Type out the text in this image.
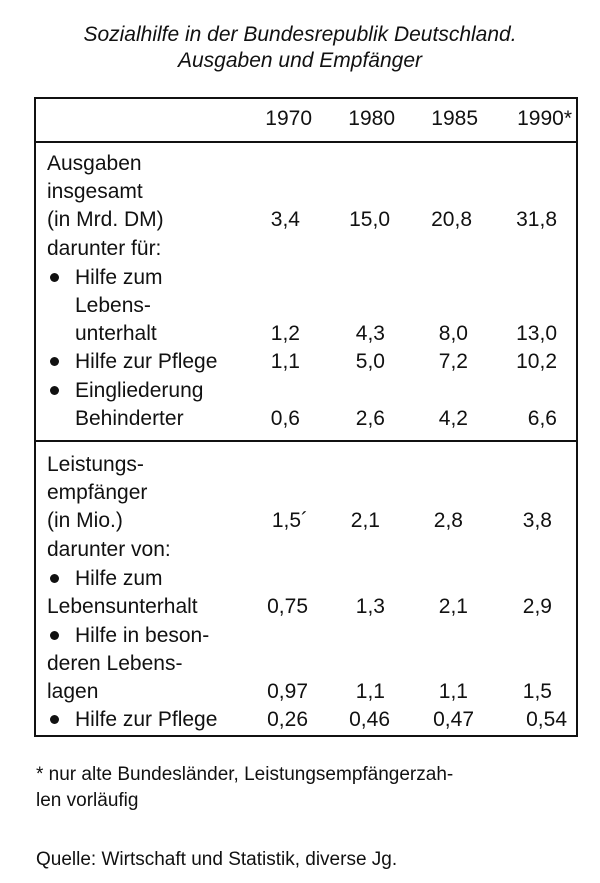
Sozialhilfe in der Bundesrepublik Deutschland.
Ausgaben und Empfänger
1970	1980	1985	1990*
Ausgaben
insgesamt
(in Mrd. DM)	3,4	15,0	20,8	31,8
darunter für:
Hilfe zum
Lebens-
unterhalt	1,2	4,3	8,0	13,0
Hilfe zur Pflege	1,1	5,0	7,2	10,2
Eingliederung
Behinderter	0,6	2,6	4,2	6,6
Leistungs-
empfänger
(in Mio.)	1,5´	2,1	2,8	3,8
darunter von:
Hilfe zum
Lebensunterhalt	0,75	1,3	2,1	2,9
Hilfe in beson-
deren Lebens-
lagen	0,97	1,1	1,1	1,5
Hilfe zur Pflege	0,26	0,46	0,47	0,54
* nur alte Bundesländer, Leistungsempfängerzah-
len vorläufig
Quelle: Wirtschaft und Statistik, diverse Jg.
